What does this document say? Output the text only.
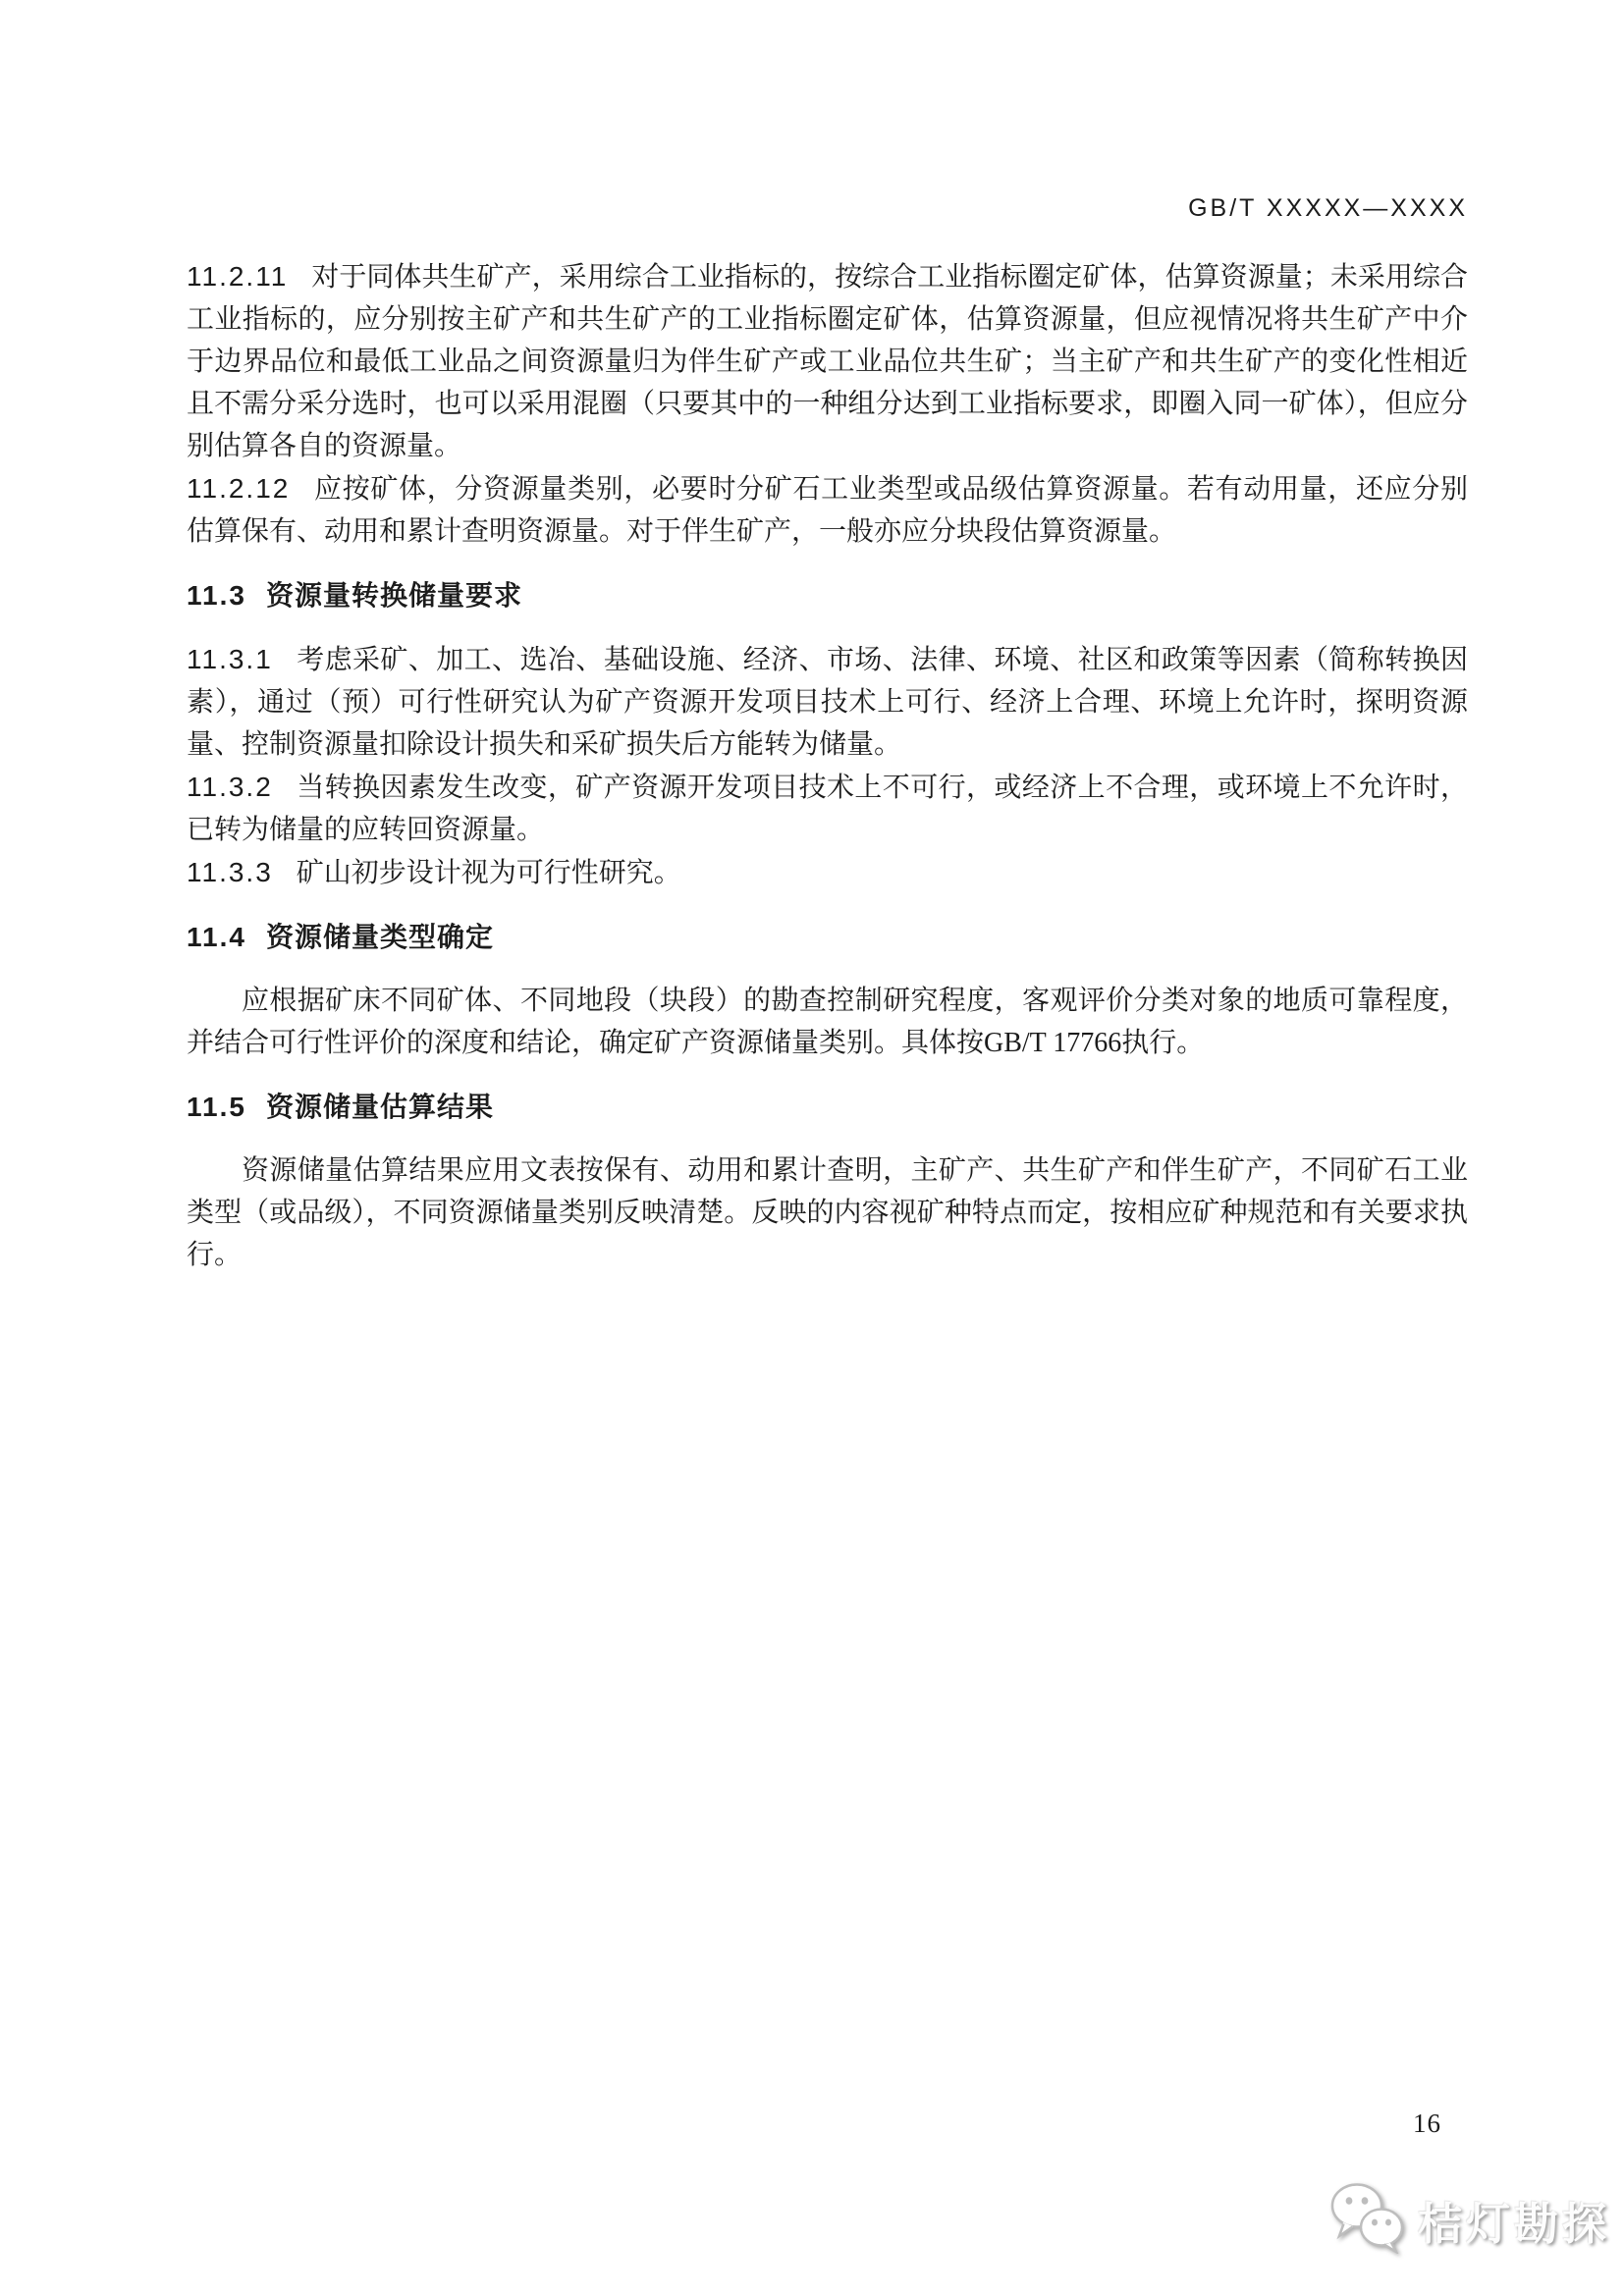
GB/T XXXXX—XXXX

11.2.11 对于同体共生矿产，采用综合工业指标的，按综合工业指标圈定矿体，估算资源量；未采用综合工业指标的，应分别按主矿产和共生矿产的工业指标圈定矿体，估算资源量，但应视情况将共生矿产中介于边界品位和最低工业品之间资源量归为伴生矿产或工业品位共生矿；当主矿产和共生矿产的变化性相近且不需分采分选时，也可以采用混圈（只要其中的一种组分达到工业指标要求，即圈入同一矿体），但应分别估算各自的资源量。

11.2.12 应按矿体，分资源量类别，必要时分矿石工业类型或品级估算资源量。若有动用量，还应分别估算保有、动用和累计查明资源量。对于伴生矿产，一般亦应分块段估算资源量。

11.3 资源量转换储量要求

11.3.1 考虑采矿、加工、选冶、基础设施、经济、市场、法律、环境、社区和政策等因素（简称转换因素），通过（预）可行性研究认为矿产资源开发项目技术上可行、经济上合理、环境上允许时，探明资源量、控制资源量扣除设计损失和采矿损失后方能转为储量。

11.3.2 当转换因素发生改变，矿产资源开发项目技术上不可行，或经济上不合理，或环境上不允许时，已转为储量的应转回资源量。

11.3.3 矿山初步设计视为可行性研究。

11.4 资源储量类型确定

应根据矿床不同矿体、不同地段（块段）的勘查控制研究程度，客观评价分类对象的地质可靠程度，并结合可行性评价的深度和结论，确定矿产资源储量类别。具体按GB/T 17766执行。

11.5 资源储量估算结果

资源储量估算结果应用文表按保有、动用和累计查明，主矿产、共生矿产和伴生矿产，不同矿石工业类型（或品级），不同资源储量类别反映清楚。反映的内容视矿种特点而定，按相应矿种规范和有关要求执行。

16
桔灯勘探
